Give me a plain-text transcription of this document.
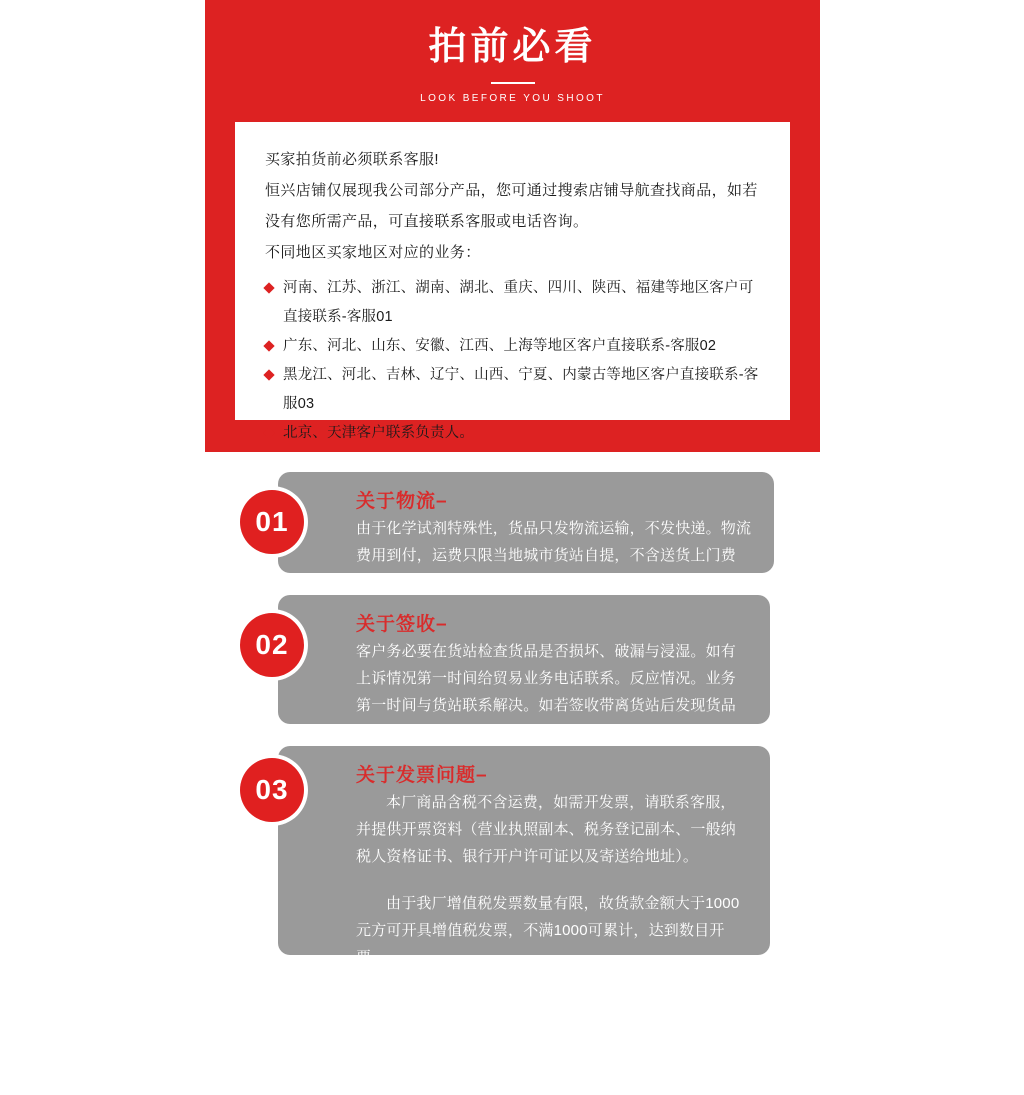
拍前必看
LOOK BEFORE YOU SHOOT
买家拍货前必须联系客服!
恒兴店铺仅展现我公司部分产品，您可通过搜索店铺导航查找商品，如若没有您所需产品，可直接联系客服或电话咨询。
不同地区买家地区对应的业务：
河南、江苏、浙江、湖南、湖北、重庆、四川、陕西、福建等地区客户可直接联系-客服01
广东、河北、山东、安徽、江西、上海等地区客户直接联系-客服02
黑龙江、河北、吉林、辽宁、山西、宁夏、内蒙古等地区客户直接联系-客服03
北京、天津客户联系负责人。
关于物流–
由于化学试剂特殊性，货品只发物流运输，不发快递。物流费用到付，运费只限当地城市货站自提，不含送货上门费用，具体详情请咨询业务。
01
关于签收–
客户务必要在货站检查货品是否损坏、破漏与浸湿。如有上诉情况第一时间给贸易业务电话联系。反应情况。业务第一时间与货站联系解决。如若签收带离货站后发现货品由于物流原因损坏，卖家不负责任。
02
关于发票问题–
本厂商品含税不含运费，如需开发票，请联系客服，并提供开票资料（营业执照副本、税务登记副本、一般纳税人资格证书、银行开户许可证以及寄送给地址）。
由于我厂增值税发票数量有限，故货款金额大于1000元方可开具增值税发票，不满1000可累计，达到数目开票。
客服在线时间：周一至周五，8:30~16:45 。客服不在可联系电话：158-2223-3318
说明：本站所有货物均为含税不含运费价格，如需开票请联系客服。
03
